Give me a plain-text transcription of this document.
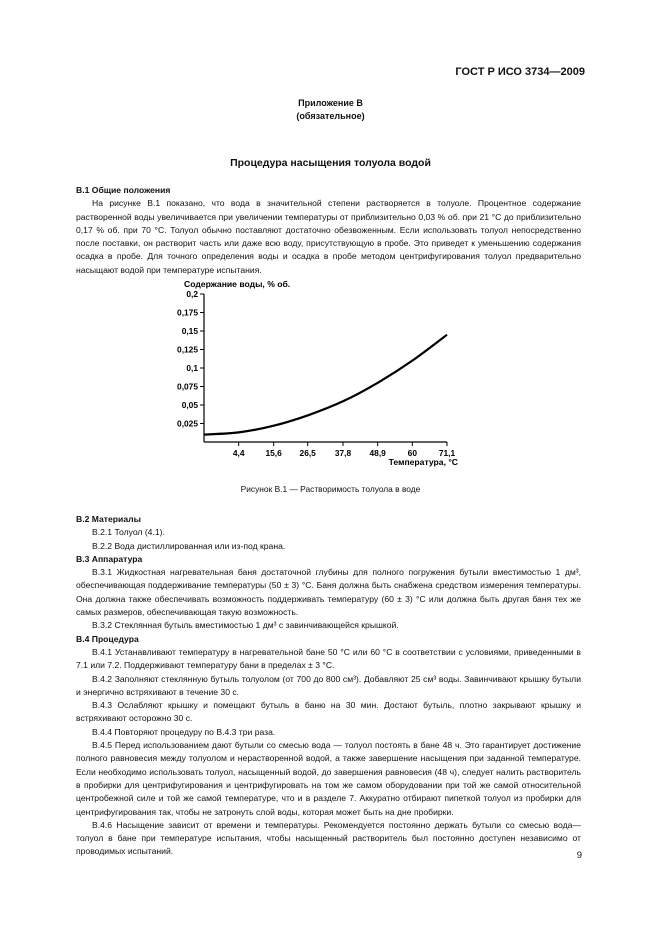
ГОСТ Р ИСО 3734—2009
Приложение В
(обязательное)
Процедура насыщения толуола водой
В.1 Общие положения
На рисунке В.1 показано, что вода в значительной степени растворяется в толуоле. Процентное содержание растворенной воды увеличивается при увеличении температуры от приблизительно 0,03 % об. при 21 °С до приблизительно 0,17 % об. при 70 °С. Толуол обычно поставляют достаточно обезвоженным. Если использовать толуол непосредственно после поставки, он растворит часть или даже всю воду, присутствующую в пробе. Это приведет к уменьшению содержания осадка в пробе. Для точного определения воды и осадка в пробе методом центрифугирования толуол предварительно насыщают водой при температуре испытания.
Содержание воды, % об.
0,025
0,05
0,075
0,1
0,125
0,15
0,175
0,2
4,4 15,6 26,5 37,8 48,9	60	71,1
Температура, °С
Рисунок В.1 — Растворимость толуола в воде
В.2 Материалы
В.2.1 Толуол (4.1).
В.2.2 Вода дистиллированная или из-под крана.
В.3 Аппаратура
В.3.1 Жидкостная нагревательная баня достаточной глубины для полного погружения бутыли вместимостью 1 дм³, обеспечивающая поддерживание температуры (50 ± 3) °С. Баня должна быть снабжена средством измерения температуры. Она должна также обеспечивать возможность поддерживать температуру (60 ± 3) °С или должна быть другая баня тех же самых размеров, обеспечивающая такую возможность.
В.3.2 Стеклянная бутыль вместимостью 1 дм³ с завинчивающейся крышкой.
В.4 Процедура
В.4.1 Устанавливают температуру в нагревательной бане 50 °С или 60 °С в соответствии с условиями, приведенными в 7.1 или 7.2. Поддерживают температуру бани в пределах ± 3 °С.
В.4.2 Заполняют стеклянную бутыль толуолом (от 700 до 800 см³). Добавляют 25 см³ воды. Завинчивают крышку бутыли и энергично встряхивают в течение 30 с.
В.4.3 Ослабляют крышку и помещают бутыль в баню на 30 мин. Достают бутыль, плотно закрывают крышку и встряхивают осторожно 30 с.
В.4.4 Повторяют процедуру по В.4.3 три раза.
В.4.5 Перед использованием дают бутыли со смесью вода — толуол постоять в бане 48 ч. Это гарантирует достижение полного равновесия между толуолом и нерастворенной водой, а также завершение насыщения при заданной температуре. Если необходимо использовать толуол, насыщенный водой, до завершения равновесия (48 ч), следует налить растворитель в пробирки для центрифугирования и центрифугировать на том же самом оборудовании при той же самой относительной центробежной силе и той же самой температуре, что и в разделе 7. Аккуратно отбирают пипеткой толуол из пробирки для центрифугирования так, чтобы не затронуть слой воды, которая может быть на дне пробирки.
В.4.6 Насыщение зависит от времени и температуры. Рекомендуется постоянно держать бутыли со смесью вода—толуол в бане при температуре испытания, чтобы насыщенный растворитель был постоянно доступен независимо от проводимых испытаний.	9
